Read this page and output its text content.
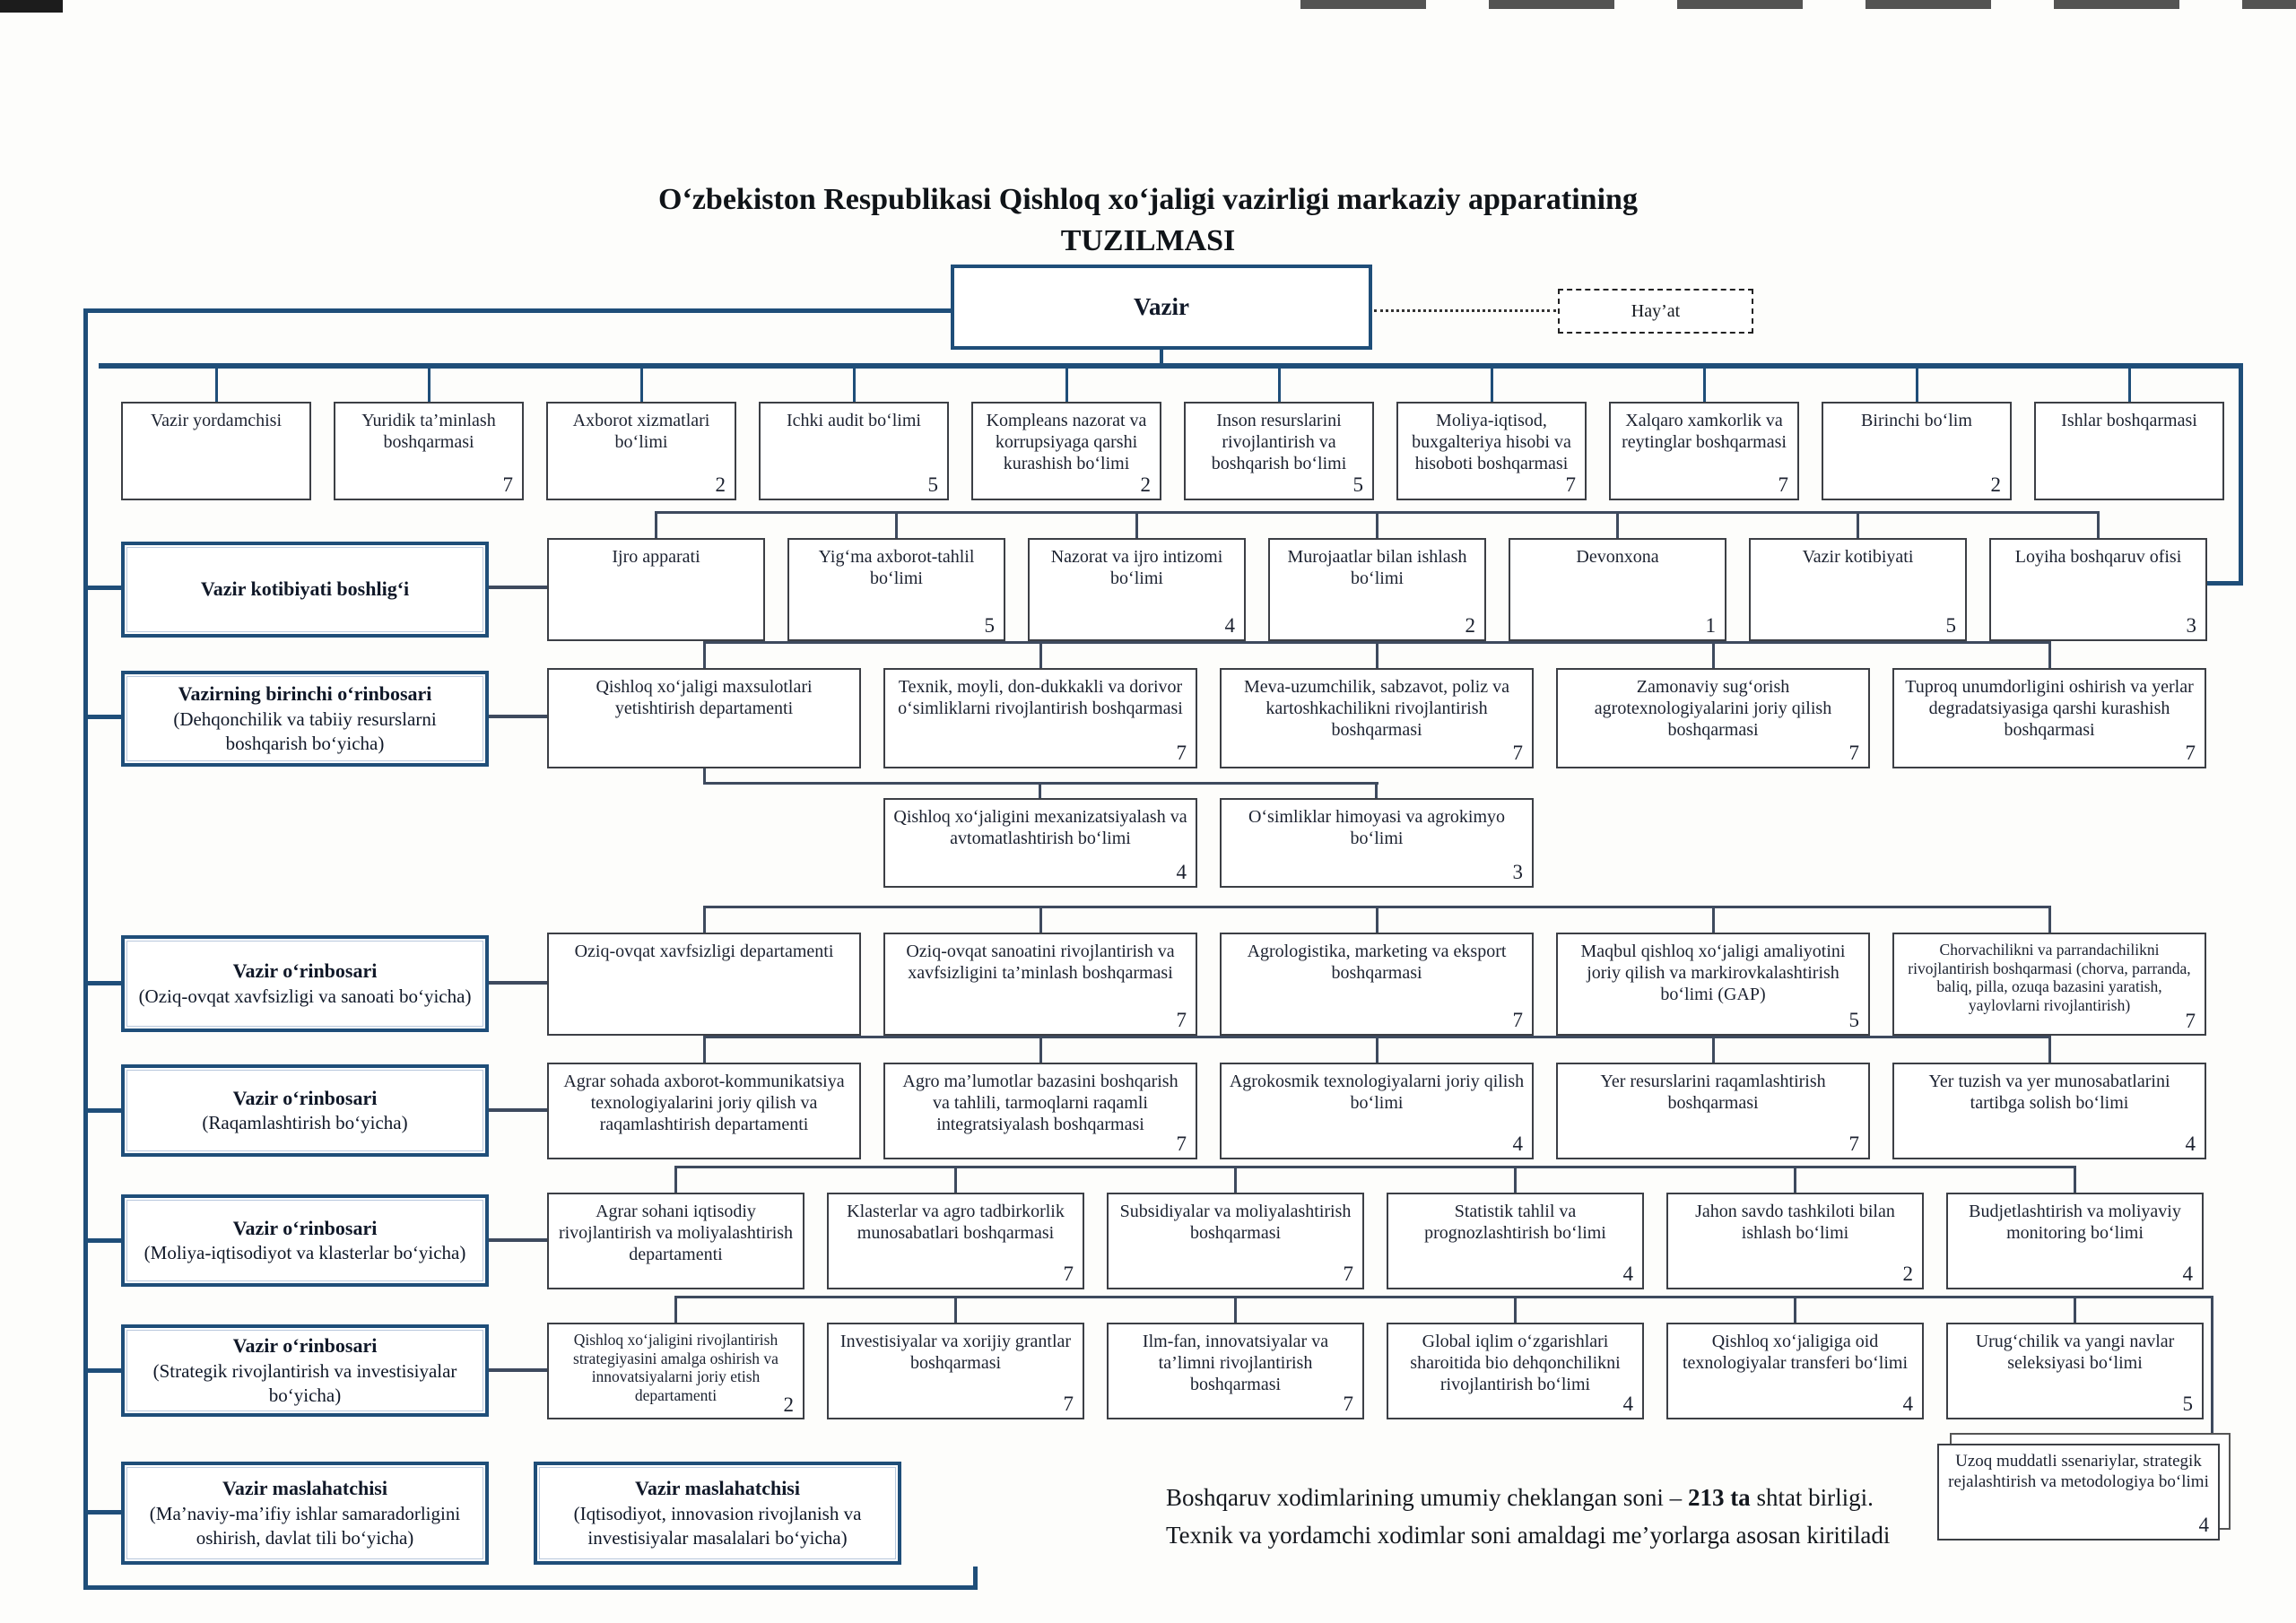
O‘zbekiston Respublikasi Qishloq xo‘jaligi vazirligi markaziy apparatining
TUZILMASI
Vazir	Hay’at
Vazir yordamchisi	Yuridik ta’minlash boshqarmasi
7
Axborot xizmatlari bo‘limi
2
Ichki audit bo‘limi
5
Kompleans nazorat va korrupsiyaga qarshi kurashish bo‘limi
2
Inson resurslarini rivojlantirish va boshqarish bo‘limi
5
Moliya-iqtisod, buxgalteriya hisobi va hisoboti boshqarmasi
7
Xalqaro xamkorlik va reytinglar boshqarmasi
7
Birinchi bo‘lim
2
Ishlar boshqarmasi
Vazir kotibiyati boshlig‘i
Ijro apparati	Yig‘ma axborot-tahlil bo‘limi
5
Nazorat va ijro intizomi bo‘limi
4
Murojaatlar bilan ishlash bo‘limi
2
Devonxona
1
Vazir kotibiyati
5
Loyiha boshqaruv ofisi
3
Vazirning birinchi o‘rinbosari
(Dehqonchilik va tabiiy resurslarni boshqarish bo‘yicha)
Qishloq xo‘jaligi maxsulotlari yetishtirish departamenti
Texnik, moyli, don-dukkakli va dorivor o‘simliklarni rivojlantirish boshqarmasi
7
Meva-uzumchilik, sabzavot, poliz va kartoshkachilikni rivojlantirish boshqarmasi
7
Zamonaviy sug‘orish agrotexnologiyalarini joriy qilish boshqarmasi
7
Tuproq unumdorligini oshirish va yerlar degradatsiyasiga qarshi kurashish boshqarmasi
7
Qishloq xo‘jaligini mexanizatsiyalash va avtomatlashtirish bo‘limi
4
O‘simliklar himoyasi va agrokimyo bo‘limi
3
Vazir o‘rinbosari
(Oziq-ovqat xavfsizligi va sanoati bo‘yicha)
Oziq-ovqat xavfsizligi departamenti	Oziq-ovqat sanoatini rivojlantirish va xavfsizligini ta’minlash boshqarmasi
7
Agrologistika, marketing va eksport boshqarmasi
7
Maqbul qishloq xo‘jaligi amaliyotini joriy qilish va markirovkalashtirish bo‘limi (GAP)
5
Chorvachilikni va parrandachilikni rivojlantirish boshqarmasi (chorva, parranda, baliq, pilla, ozuqa bazasini yaratish, yaylovlarni rivojlantirish)
7
Vazir o‘rinbosari
(Raqamlashtirish bo‘yicha)
Agrar sohada axborot-kommunikatsiya texnologiyalarini joriy qilish va raqamlashtirish departamenti
Agro ma’lumotlar bazasini boshqarish va tahlili, tarmoqlarni raqamli integratsiyalash boshqarmasi
7
Agrokosmik texnologiyalarni joriy qilish bo‘limi
4
Yer resurslarini raqamlashtirish boshqarmasi
7
Yer tuzish va yer munosabatlarini tartibga solish bo‘limi
4
Vazir o‘rinbosari
(Moliya-iqtisodiyot va klasterlar bo‘yicha)
Agrar sohani iqtisodiy rivojlantirish va moliyalashtirish departamenti
Klasterlar va agro tadbirkorlik munosabatlari boshqarmasi
7
Subsidiyalar va moliyalashtirish boshqarmasi
7
Statistik tahlil va prognozlashtirish bo‘limi
4
Jahon savdo tashkiloti bilan ishlash bo‘limi
2
Budjetlashtirish va moliyaviy monitoring bo‘limi
4
Vazir o‘rinbosari
(Strategik rivojlantirish va investisiyalar bo‘yicha)
Qishloq xo‘jaligini rivojlantirish strategiyasini amalga oshirish va innovatsiyalarni joriy etish departamenti	2
Investisiyalar va xorijiy grantlar boshqarmasi
7
Ilm-fan, innovatsiyalar va ta’limni rivojlantirish boshqarmasi
7
Global iqlim o‘zgarishlari sharoitida bio dehqonchilikni rivojlantirish bo‘limi
4
Qishloq xo‘jaligiga oid texnologiyalar transferi bo‘limi
4
Urug‘chilik va yangi navlar seleksiyasi bo‘limi
5
Vazir maslahatchisi
(Ma’naviy-ma’ifiy ishlar samaradorligini oshirish, davlat tili bo‘yicha)
Vazir maslahatchisi
(Iqtisodiyot, innovasion rivojlanish va investisiyalar masalalari bo‘yicha)
Uzoq muddatli ssenariylar, strategik rejalashtirish va metodologiya bo‘limi
4
Boshqaruv xodimlarining umumiy cheklangan soni – 213 ta shtat birligi.
Texnik va yordamchi xodimlar soni amaldagi me’yorlarga asosan kiritiladi
